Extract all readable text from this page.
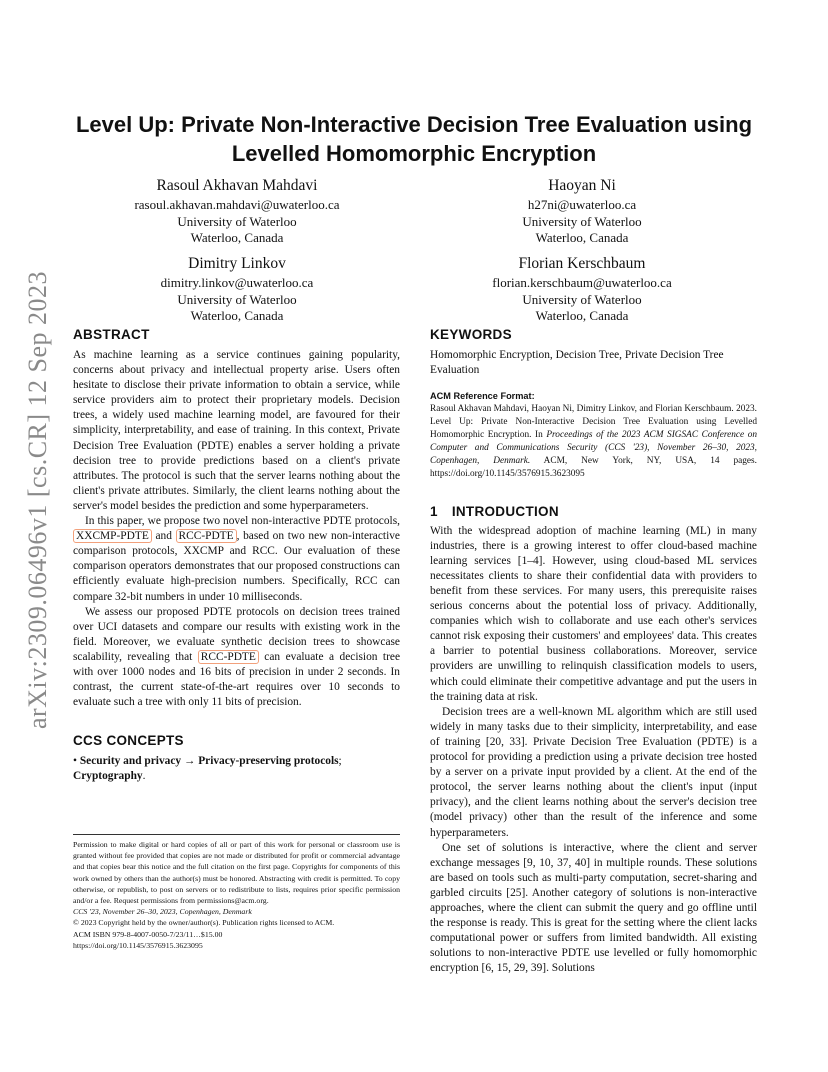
arXiv:2309.06496v1 [cs.CR] 12 Sep 2023
Level Up: Private Non-Interactive Decision Tree Evaluation using
Levelled Homomorphic Encryption
Rasoul Akhavan Mahdavi
rasoul.akhavan.mahdavi@uwaterloo.ca
University of Waterloo
Waterloo, Canada
Haoyan Ni
h27ni@uwaterloo.ca
University of Waterloo
Waterloo, Canada
Dimitry Linkov
dimitry.linkov@uwaterloo.ca
University of Waterloo
Waterloo, Canada
Florian Kerschbaum
florian.kerschbaum@uwaterloo.ca
University of Waterloo
Waterloo, Canada
ABSTRACT

As machine learning as a service continues gaining popularity, concerns about privacy and intellectual property arise. Users often hesitate to disclose their private information to obtain a service, while service providers aim to protect their proprietary models. Decision trees, a widely used machine learning model, are favoured for their simplicity, interpretability, and ease of training. In this context, Private Decision Tree Evaluation (PDTE) enables a server holding a private decision tree to provide predictions based on a client's private attributes. The protocol is such that the server learns nothing about the client's private attributes. Similarly, the client learns nothing about the server's model besides the prediction and some hyperparameters.

In this paper, we propose two novel non-interactive PDTE protocols, XXCMP-PDTE and RCC-PDTE , based on two new non-interactive comparison protocols, XXCMP and RCC. Our evaluation of these comparison operators demonstrates that our proposed constructions can efficiently evaluate high-precision numbers. Specifically, RCC can compare 32-bit numbers in under 10 milliseconds.

We assess our proposed PDTE protocols on decision trees trained over UCI datasets and compare our results with existing work in the field. Moreover, we evaluate synthetic decision trees to showcase scalability, revealing that RCC-PDTE can evaluate a decision tree with over 1000 nodes and 16 bits of precision in under 2 seconds. In contrast, the current state-of-the-art requires over 10 seconds to evaluate such a tree with only 11 bits of precision.

CCS CONCEPTS

• Security and privacy → Privacy-preserving protocols; Cryptography.

Permission to make digital or hard copies of all or part of this work for personal or classroom use is granted without fee provided that copies are not made or distributed for profit or commercial advantage and that copies bear this notice and the full citation on the first page. Copyrights for components of this work owned by others than the author(s) must be honored. Abstracting with credit is permitted. To copy otherwise, or republish, to post on servers or to redistribute to lists, requires prior specific permission and/or a fee. Request permissions from permissions@acm.org.

CCS '23, November 26–30, 2023, Copenhagen, Denmark

© 2023 Copyright held by the owner/author(s). Publication rights licensed to ACM.

ACM ISBN 979-8-4007-0050-7/23/11…$15.00

https://doi.org/10.1145/3576915.3623095

KEYWORDS

Homomorphic Encryption, Decision Tree, Private Decision Tree Evaluation

ACM Reference Format:

Rasoul Akhavan Mahdavi, Haoyan Ni, Dimitry Linkov, and Florian Kerschbaum. 2023. Level Up: Private Non-Interactive Decision Tree Evaluation using Levelled Homomorphic Encryption. In Proceedings of the 2023 ACM SIGSAC Conference on Computer and Communications Security (CCS '23), November 26–30, 2023, Copenhagen, Denmark. ACM, New York, NY, USA, 14 pages. https://doi.org/10.1145/3576915.3623095

1 INTRODUCTION

With the widespread adoption of machine learning (ML) in many industries, there is a growing interest to offer cloud-based machine learning services [1–4]. However, using cloud-based ML services necessitates clients to share their confidential data with providers to benefit from these services. For many users, this prerequisite raises serious concerns about the potential loss of privacy. Additionally, companies which wish to collaborate and use each other's services cannot risk exposing their customers' and employees' data. This creates a barrier to potential business collaborations. Moreover, service providers are unwilling to relinquish classification models to users, which could eliminate their competitive advantage and put the users in the training data at risk.

Decision trees are a well-known ML algorithm which are still used widely in many tasks due to their simplicity, interpretability, and ease of training [20, 33]. Private Decision Tree Evaluation (PDTE) is a protocol for providing a prediction using a private decision tree hosted by a server on a private input provided by a client. At the end of the protocol, the server learns nothing about the client's input (input privacy), and the client learns nothing about the server's decision tree (model privacy) other than the result of the inference and some hyperparameters.

One set of solutions is interactive, where the client and server exchange messages [9, 10, 37, 40] in multiple rounds. These solutions are based on tools such as multi-party computation, secret-sharing and garbled circuits [25]. Another category of solutions is non-interactive approaches, where the client can submit the query and go offline until the response is ready. This is great for the setting where the client lacks computational power or suffers from limited bandwidth. All existing solutions to non-interactive PDTE use levelled or fully homomorphic encryption [6, 15, 29, 39]. Solutions
